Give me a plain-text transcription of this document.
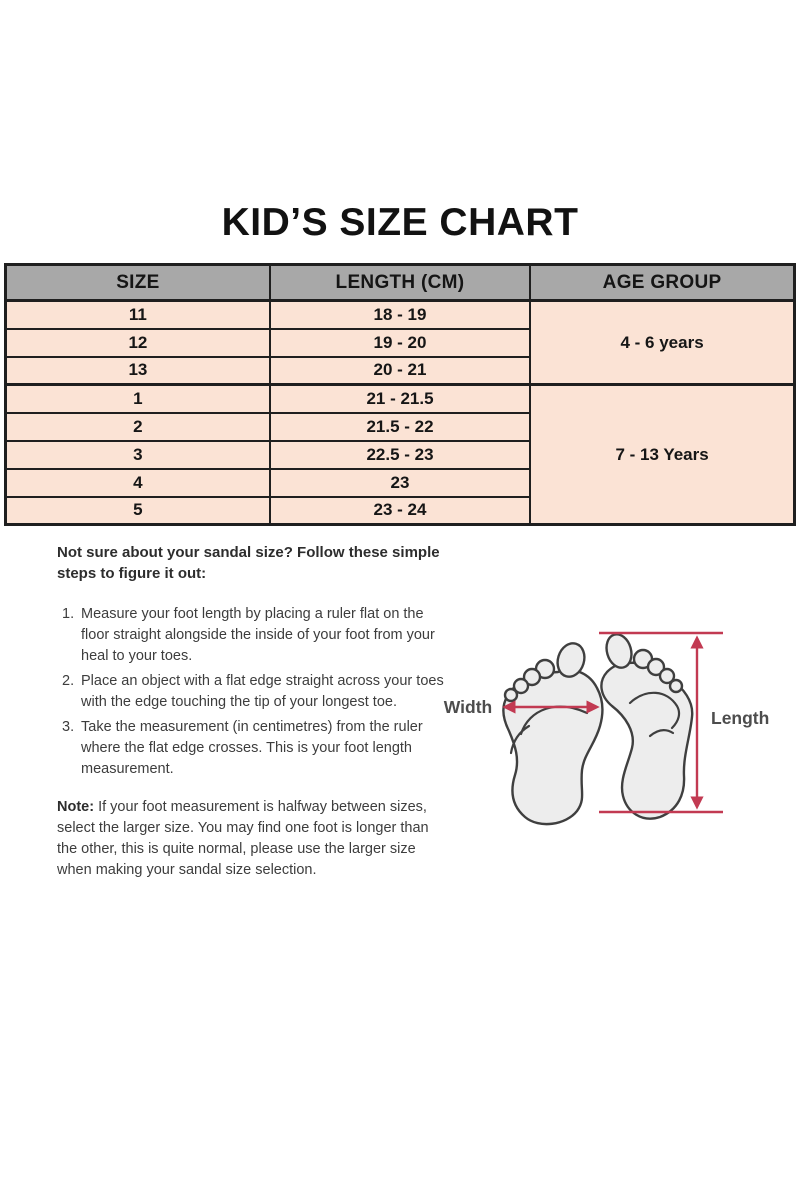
KID’S SIZE CHART
SIZE	LENGTH (CM)	AGE GROUP
11	18 - 19	4 - 6 years
12	19 - 20	
13	20 - 21	
1	21 - 21.5	7 - 13 Years
2	21.5 - 22	
3	22.5 - 23	
4	23	
5	23 - 24	

Not sure about your sandal size? Follow these simple steps to figure it out:

1. Measure your foot length by placing a ruler flat on the floor straight alongside the inside of your foot from your heal to your toes.
2. Place an object with a flat edge straight across your toes with the edge touching the tip of your longest toe.
3. Take the measurement (in centimetres) from the ruler where the flat edge crosses. This is your foot length measurement.

Note: If your foot measurement is halfway between sizes, select the larger size. You may find one foot is longer than the other, this is quite normal, please use the larger size when making your sandal size selection.

Width
Length
